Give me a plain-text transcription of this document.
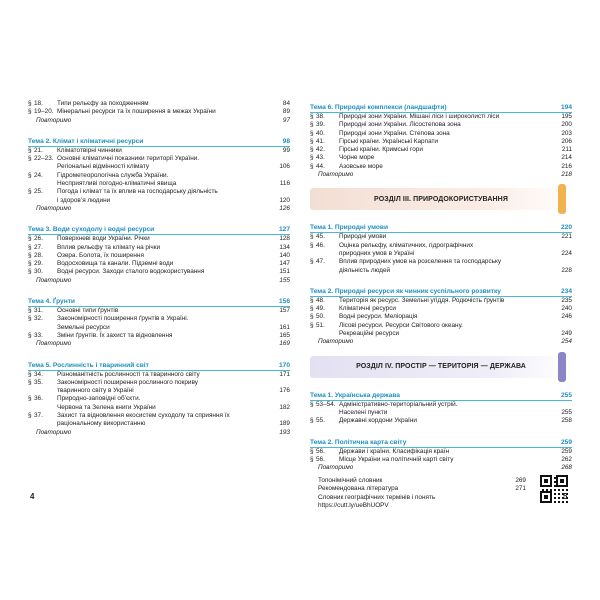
§ 18.	Типи рельєфу за походженням	84
§ 19–20. Мінеральні ресурси та їх поширення в межах України	89
Повторимо	97
Тема 2. Клімат і кліматичні ресурси	98
§ 21.	Кліматотвірні чинники	99
§ 22–23. Основні кліматичні показники території України.
Регіональні відмінності клімату	106
§ 24.	Гідрометеорологічна служба України.
Несприятливі погодно-кліматичні явища	116
§ 25.	Погода і клімат та їх вплив на господарську діяльність
і здоров’я людини	120
Повторимо	126
Тема 3. Води суходолу і водні ресурси	127
§ 26.	Поверхневі води України. Річки	128
§ 27.	Вплив рельєфу та клімату на річки	134
§ 28.	Озера. Болота, їх поширення	140
§ 29.	Водосховища та канали. Підземні води	147
§ 30.	Водні ресурси. Заходи сталого водокористування	151
Повторимо	155
Тема 4. Ґрунти	156
§ 31.	Основні типи ґрунтів	157
§ 32.	Закономірності поширення ґрунтів в Україні.
Земельні ресурси	161
§ 33.	Зміни ґрунтів. Їх захист та відновлення	165
Повторимо	169
Тема 5. Рослинність і тваринний світ	170
§ 34.	Різноманітність рослинності та тваринного світу	171
§ 35.	Закономірності поширення рослинного покриву
тваринного світу в Україні	176
§ 36.	Природно-заповідні об’єкти.
Червона та Зелена книги України	182
§ 37.	Захист та відновлення екосистем суходолу та сприяння їх
раціональному використанню	189
Повторимо	193
4
Тема 6. Природні комплекси (ландшафти)	194
§ 38.	Природні зони України. Мішані ліси і широколисті ліси	195
§ 39.	Природні зони України. Лісостепова зона	200
§ 40.	Природні зони України. Степова зона	203
§ 41.	Гірські країни. Українські Карпати	206
§ 42.	Гірські країни. Кримські гори	211
§ 43.	Чорне море	214
§ 44.	Азовське море	216
Повторимо	218
РОЗДІЛ ІІІ. ПРИРОДОКОРИСТУВАННЯ
Тема 1. Природні умови	220
§ 45.	Природні умови	221
§ 46.	Оцінка рельєфу, кліматичних, гідрографічних
природних умов в Україні	224
§ 47.	Вплив природних умов на розселення та господарську
діяльність людей	228
Тема 2. Природні ресурси як чинник суспільного розвитку	234
§ 48.	Територія як ресурс. Земельні угіддя. Родючість ґрунтів	235
§ 49.	Кліматичні ресурси	240
§ 50.	Водні ресурси. Меліорація	246
§ 51.	Лісові ресурси. Ресурси Світового океану.
Рекреаційні ресурси	249
Повторимо	254
РОЗДІЛ IV. ПРОСТІР — ТЕРИТОРІЯ — ДЕРЖАВА
Тема 1. Українська держава	255
§ 53–54. Адміністративно-територіальний устрій.
Населені пункти	255
§ 55.	Державні кордони України	258
Тема 2. Політична карта світу	259
§ 56.	Держави і країни. Класифікація країн	259
§ 56.	Місце України на політичній карті світу	262
Повторимо	268
Топонімічний словник	269
Рекомендована література	271
Словник географічних термінів і понять https://cutt.ly/ueBhUOPV
5
